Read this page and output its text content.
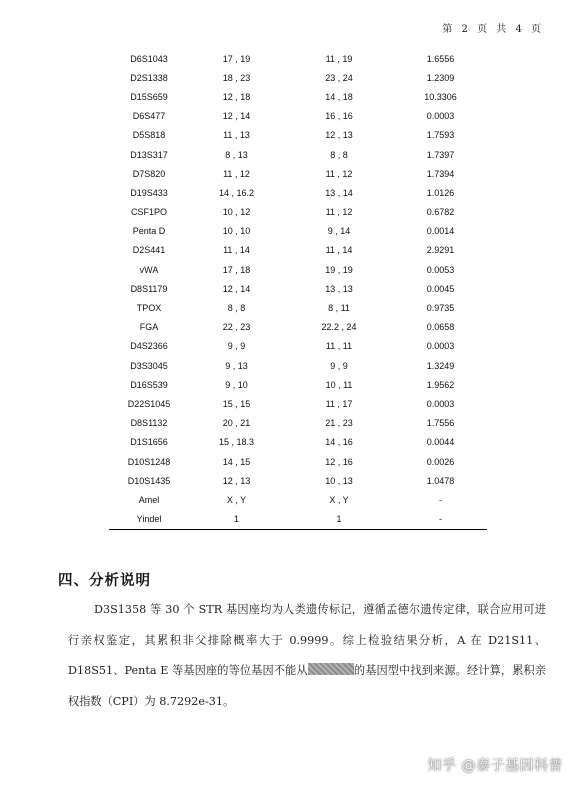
第 2 页 共 4 页
D6S1043	17 , 19	11 , 19	1.6556
D2S1338	18 , 23	23 , 24	1.2309
D15S659	12 , 18	14 , 18	10.3306
D6S477	12 , 14	16 , 16	0.0003
D5S818	11 , 13	12 , 13	1.7593
D13S317	8 , 13	8 , 8	1.7397
D7S820	11 , 12	11 , 12	1.7394
D19S433	14 , 16.2	13 , 14	1.0126
CSF1PO	10 , 12	11 , 12	0.6782
Penta D	10 , 10	9 , 14	0.0014
D2S441	11 , 14	11 , 14	2.9291
vWA	17 , 18	19 , 19	0.0053
D8S1179	12 , 14	13 , 13	0.0045
TPOX	8 , 8	8 , 11	0.9735
FGA	22 , 23	22.2 , 24	0.0658
D4S2366	9 , 9	11 , 11	0.0003
D3S3045	9 , 13	9 , 9	1.3249
D16S539	9 , 10	10 , 11	1.9562
D22S1045	15 , 15	11 , 17	0.0003
D8S1132	20 , 21	21 , 23	1.7556
D1S1656	15 , 18.3	14 , 16	0.0044
D10S1248	14 , 15	12 , 16	0.0026
D10S1435	12 , 13	10 , 13	1.0478
Amel	X , Y	X , Y	-
Yindel	1	1	-
四、分析说明

D3S1358 等 30 个 STR 基因座均为人类遗传标记，遵循孟德尔遗传定律，联合应用可进行亲权鉴定，其累积非父排除概率大于 0.9999。综上检验结果分析，A 在 D21S11、D18S51、Penta E 等基因座的等位基因不能从	的基因型中找到来源。经计算，累积亲权指数（CPI）为 8.7292e-31。

知乎 @泰子基因科普
